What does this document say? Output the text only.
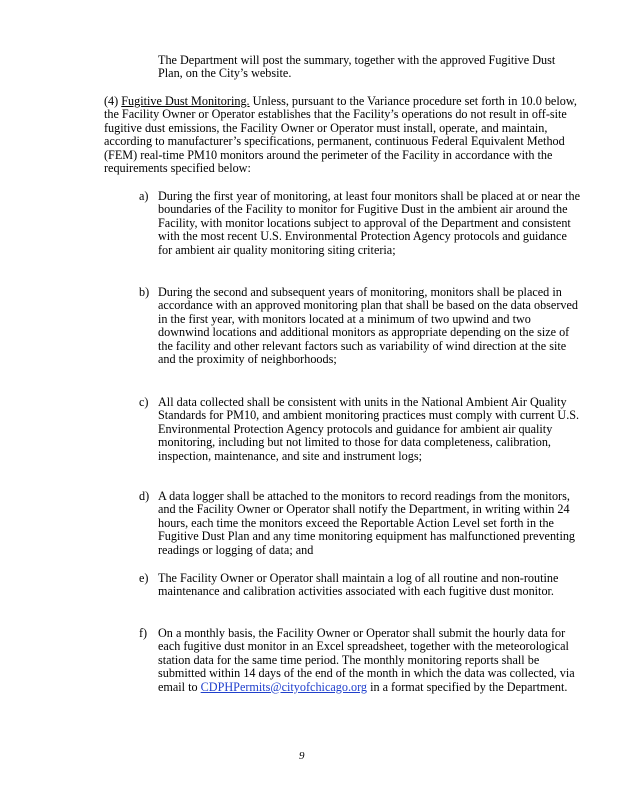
The Department will post the summary, together with the approved Fugitive Dust Plan, on the City’s website.

(4) Fugitive Dust Monitoring. Unless, pursuant to the Variance procedure set forth in 10.0 below, the Facility Owner or Operator establishes that the Facility’s operations do not result in off-site fugitive dust emissions, the Facility Owner or Operator must install, operate, and maintain, according to manufacturer’s specifications, permanent, continuous Federal Equivalent Method (FEM) real-time PM10 monitors around the perimeter of the Facility in accordance with the requirements specified below:

a) During the first year of monitoring, at least four monitors shall be placed at or near the boundaries of the Facility to monitor for Fugitive Dust in the ambient air around the Facility, with monitor locations subject to approval of the Department and consistent with the most recent U.S. Environmental Protection Agency protocols and guidance for ambient air quality monitoring siting criteria;
b) During the second and subsequent years of monitoring, monitors shall be placed in accordance with an approved monitoring plan that shall be based on the data observed in the first year, with monitors located at a minimum of two upwind and two downwind locations and additional monitors as appropriate depending on the size of the facility and other relevant factors such as variability of wind direction at the site and the proximity of neighborhoods;
c) All data collected shall be consistent with units in the National Ambient Air Quality Standards for PM10, and ambient monitoring practices must comply with current U.S. Environmental Protection Agency protocols and guidance for ambient air quality monitoring, including but not limited to those for data completeness, calibration, inspection, maintenance, and site and instrument logs;
d) A data logger shall be attached to the monitors to record readings from the monitors, and the Facility Owner or Operator shall notify the Department, in writing within 24 hours, each time the monitors exceed the Reportable Action Level set forth in the Fugitive Dust Plan and any time monitoring equipment has malfunctioned preventing readings or logging of data; and
e) The Facility Owner or Operator shall maintain a log of all routine and non-routine maintenance and calibration activities associated with each fugitive dust monitor.
f) On a monthly basis, the Facility Owner or Operator shall submit the hourly data for each fugitive dust monitor in an Excel spreadsheet, together with the meteorological station data for the same time period. The monthly monitoring reports shall be submitted within 14 days of the end of the month in which the data was collected, via email to CDPHPermits@cityofchicago.org in a format specified by the Department.
9
